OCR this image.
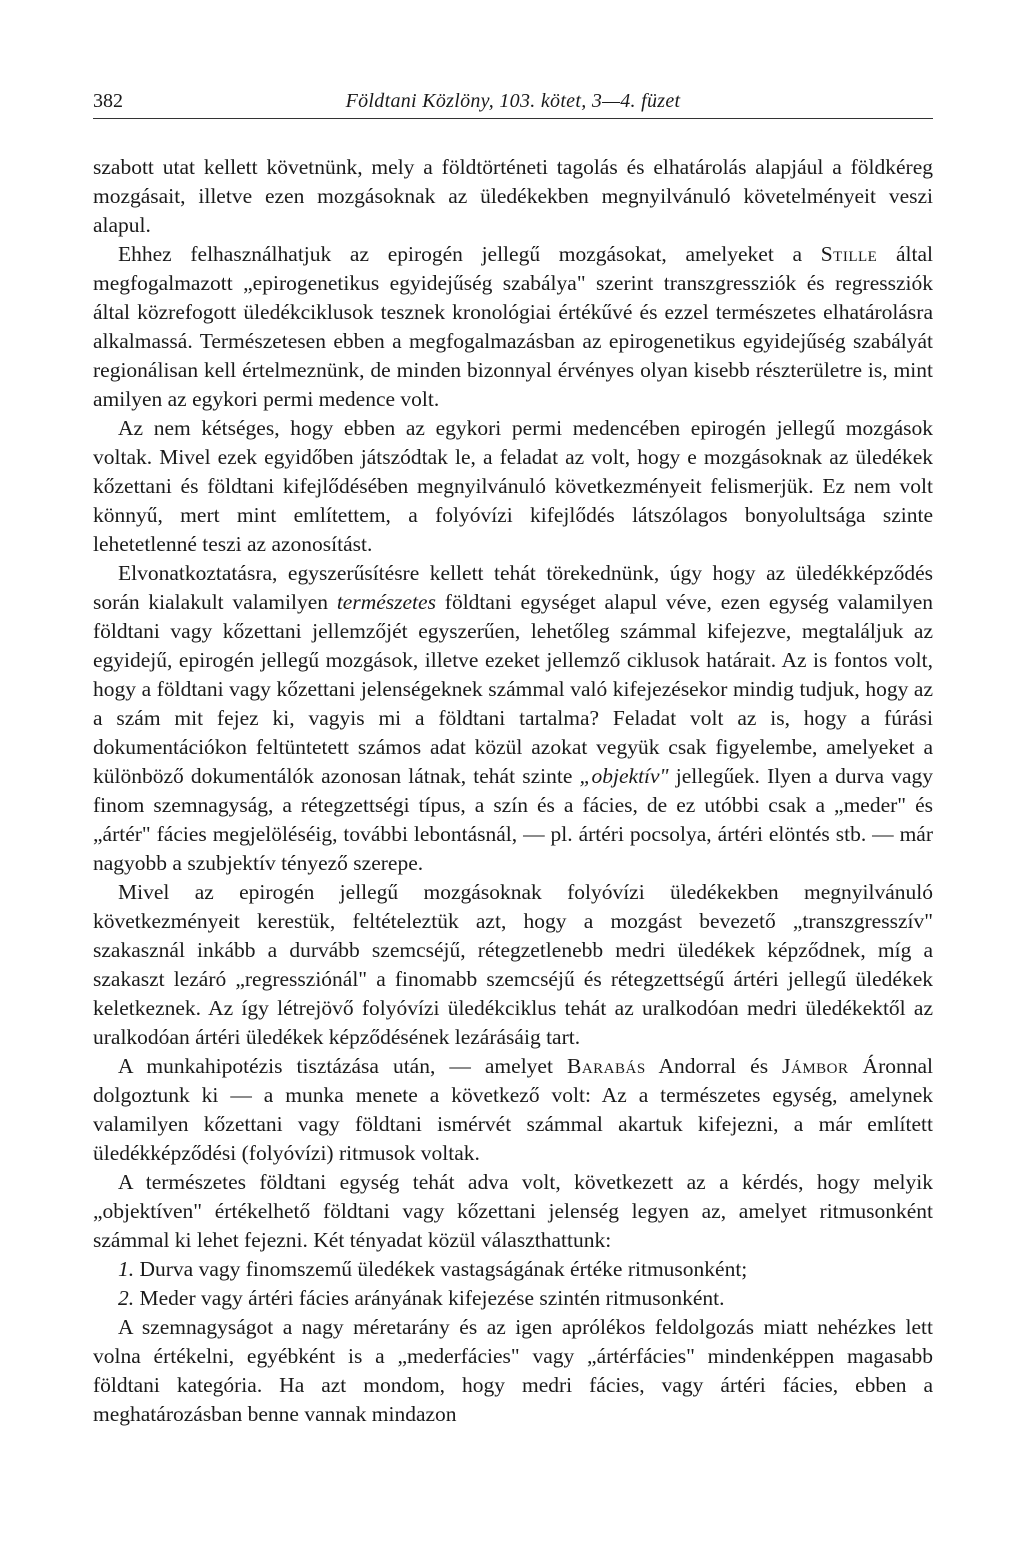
382	Földtani Közlöny, 103. kötet, 3—4. füzet

szabott utat kellett követnünk, mely a földtörténeti tagolás és elhatárolás alapjául a földkéreg mozgásait, illetve ezen mozgásoknak az üledékekben megnyilvánuló követelményeit veszi alapul.

Ehhez felhasználhatjuk az epirogén jellegű mozgásokat, amelyeket a Stille által megfogalmazott „epirogenetikus egyidejűség szabálya" szerint transzgressziók és regressziók által közrefogott üledékciklusok tesznek kronológiai értékűvé és ezzel természetes elhatárolásra alkalmassá. Természetesen ebben a megfogalmazásban az epirogenetikus egyidejűség szabályát regionálisan kell értelmeznünk, de minden bizonnyal érvényes olyan kisebb részterületre is, mint amilyen az egykori permi medence volt.

Az nem kétséges, hogy ebben az egykori permi medencében epirogén jellegű mozgások voltak. Mivel ezek egyidőben játszódtak le, a feladat az volt, hogy e mozgásoknak az üledékek kőzettani és földtani kifejlődésében megnyilvánuló következményeit felismerjük. Ez nem volt könnyű, mert mint említettem, a folyóvízi kifejlődés látszólagos bonyolultsága szinte lehetetlenné teszi az azonosítást.

Elvonatkoztatásra, egyszerűsítésre kellett tehát törekednünk, úgy hogy az üledékképződés során kialakult valamilyen természetes földtani egységet alapul véve, ezen egység valamilyen földtani vagy kőzettani jellemzőjét egyszerűen, lehetőleg számmal kifejezve, megtaláljuk az egyidejű, epirogén jellegű mozgások, illetve ezeket jellemző ciklusok határait. Az is fontos volt, hogy a földtani vagy kőzettani jelenségeknek számmal való kifejezésekor mindig tudjuk, hogy az a szám mit fejez ki, vagyis mi a földtani tartalma? Feladat volt az is, hogy a fúrási dokumentációkon feltüntetett számos adat közül azokat vegyük csak figyelembe, amelyeket a különböző dokumentálók azonosan látnak, tehát szinte „objektív" jellegűek. Ilyen a durva vagy finom szemnagyság, a rétegzettségi típus, a szín és a fácies, de ez utóbbi csak a „meder" és „ártér" fácies megjelöléséig, további lebontásnál, — pl. ártéri pocsolya, ártéri elöntés stb. — már nagyobb a szubjektív tényező szerepe.

Mivel az epirogén jellegű mozgásoknak folyóvízi üledékekben megnyilvánuló következményeit kerestük, feltételeztük azt, hogy a mozgást bevezető „transzgresszív" szakasznál inkább a durvább szemcséjű, rétegzetlenebb medri üledékek képződnek, míg a szakaszt lezáró „regressziónál" a finomabb szemcséjű és rétegzettségű ártéri jellegű üledékek keletkeznek. Az így létrejövő folyóvízi üledékciklus tehát az uralkodóan medri üledékektől az uralkodóan ártéri üledékek képződésének lezárásáig tart.

A munkahipotézis tisztázása után, — amelyet Barabás Andorral és Jámbor Áronnal dolgoztunk ki — a munka menete a következő volt: Az a természetes egység, amelynek valamilyen kőzettani vagy földtani ismérvét számmal akartuk kifejezni, a már említett üledékképződési (folyóvízi) ritmusok voltak.

A természetes földtani egység tehát adva volt, következett az a kérdés, hogy melyik „objektíven" értékelhető földtani vagy kőzettani jelenség legyen az, amelyet ritmusonként számmal ki lehet fejezni. Két tényadat közül választhattunk:

1. Durva vagy finomszemű üledékek vastagságának értéke ritmusonként;

2. Meder vagy ártéri fácies arányának kifejezése szintén ritmusonként.

A szemnagyságot a nagy méretarány és az igen aprólékos feldolgozás miatt nehézkes lett volna értékelni, egyébként is a „mederfácies" vagy „ártérfácies" mindenképpen magasabb földtani kategória. Ha azt mondom, hogy medri fácies, vagy ártéri fácies, ebben a meghatározásban benne vannak mindazon
